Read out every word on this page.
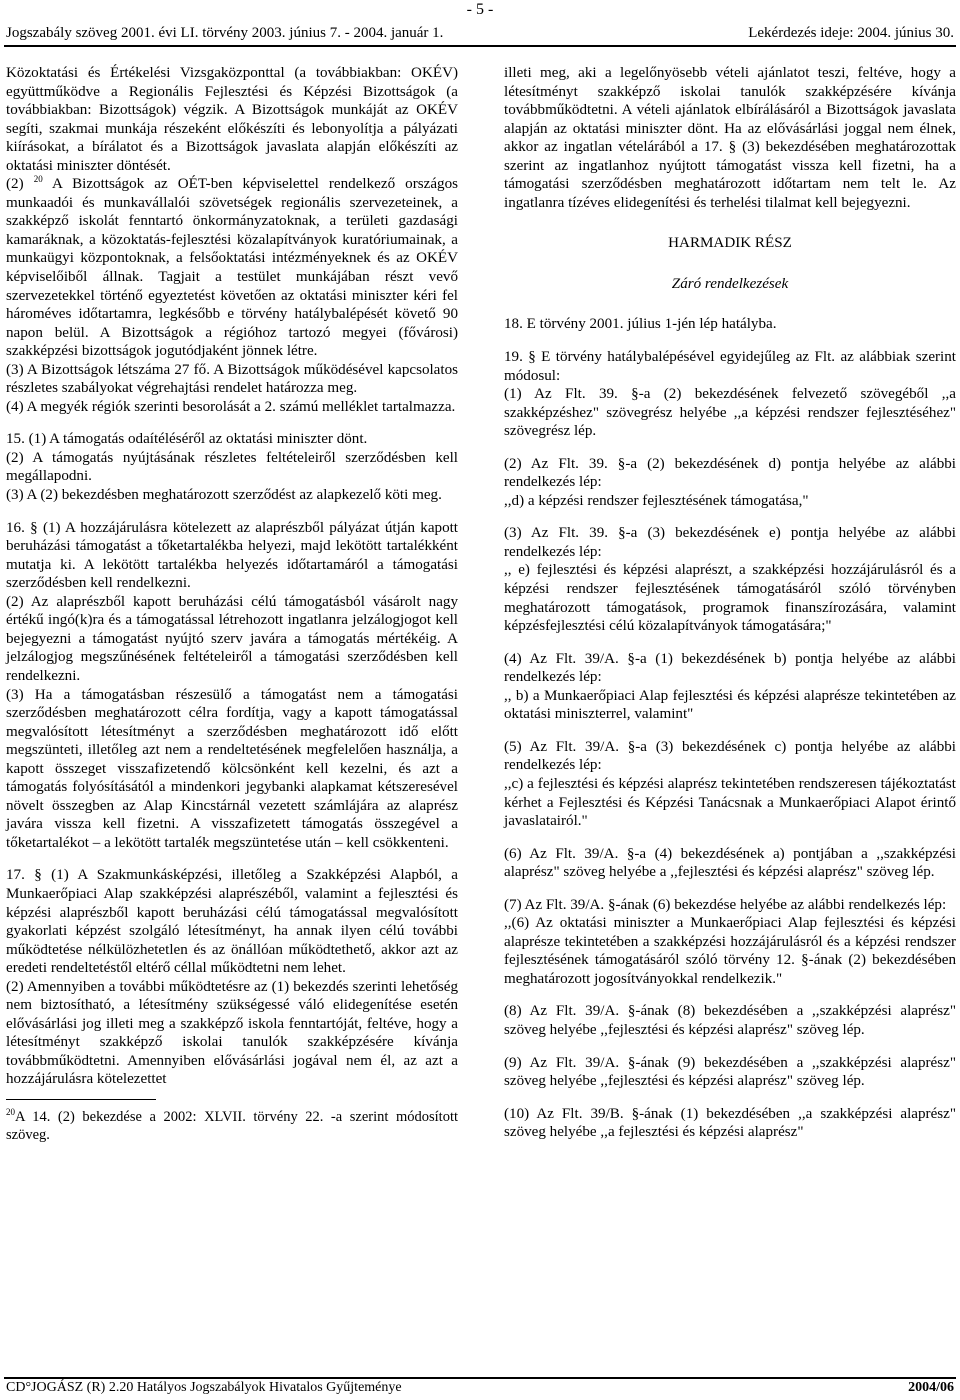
- 5 -
Jogszabály szöveg 2001. évi LI. törvény 2003. június 7. - 2004. január 1.	Lekérdezés ideje: 2004. június 30.

Közoktatási és Értékelési Vizsgaközponttal (a továbbiakban: OKÉV) együttműködve a Regionális Fejlesztési és Képzési Bizottságok (a továbbiakban: Bizottságok) végzik. A Bizottságok munkáját az OKÉV segíti, szakmai munkája részeként előkészíti és lebonyolítja a pályázati kiírásokat, a bírálatot és a Bizottságok javaslata alapján előkészíti az oktatási miniszter döntését.

(2) $^{20}$ A Bizottságok az OÉT-ben képviselettel rendelkező országos munkaadói és munkavállalói szövetségek regionális szervezeteinek, a szakképző iskolát fenntartó önkormányzatoknak, a területi gazdasági kamaráknak, a közoktatás-fejlesztési közalapítványok kuratóriumainak, a munkaügyi központoknak, a felsőoktatási intézményeknek és az OKÉV képviselőiből állnak. Tagjait a testület munkájában részt vevő szervezetekkel történő egyeztetést követően az oktatási miniszter kéri fel hároméves időtartamra, legkésőbb e törvény hatálybalépését követő 90 napon belül. A Bizottságok a régióhoz tartozó megyei (fővárosi) szakképzési bizottságok jogutódjaként jönnek létre.

(3) A Bizottságok létszáma 27 fő. A Bizottságok működésével kapcsolatos részletes szabályokat végrehajtási rendelet határozza meg.

(4) A megyék régiók szerinti besorolását a 2. számú melléklet tartalmazza.

15. (1) A támogatás odaítéléséről az oktatási miniszter dönt.

(2) A támogatás nyújtásának részletes feltételeiről szerződésben kell megállapodni.

(3) A (2) bekezdésben meghatározott szerződést az alapkezelő köti meg.

16. § (1) A hozzájárulásra kötelezett az alaprészből pályázat útján kapott beruházási támogatást a tőketartalékba helyezi, majd lekötött tartalékként mutatja ki. A lekötött tartalékba helyezés időtartamáról a támogatási szerződésben kell rendelkezni.

(2) Az alaprészből kapott beruházási célú támogatásból vásárolt nagy értékű ingó(k)ra és a támogatással létrehozott ingatlanra jelzálogjogot kell bejegyezni a támogatást nyújtó szerv javára a támogatás mértékéig. A jelzálogjog megszűnésének feltételeiről a támogatási szerződésben kell rendelkezni.

(3) Ha a támogatásban részesülő a támogatást nem a támogatási szerződésben meghatározott célra fordítja, vagy a kapott támogatással megvalósított létesítményt a szerződésben meghatározott idő előtt megszünteti, illetőleg azt nem a rendeltetésének megfelelően használja, a kapott összeget visszafizetendő kölcsönként kell kezelni, és azt a támogatás folyósításától a mindenkori jegybanki alapkamat kétszeresével növelt összegben az Alap Kincstárnál vezetett számlájára az alaprész javára vissza kell fizetni. A visszafizetett támogatás összegével a tőketartalékot – a lekötött tartalék megszüntetése után – kell csökkenteni.

17. § (1) A Szakmunkásképzési, illetőleg a Szakképzési Alapból, a Munkaerőpiaci Alap szakképzési alaprészéből, valamint a fejlesztési és képzési alaprészből kapott beruházási célú támogatással megvalósított gyakorlati képzést szolgáló létesítményt, ha annak ilyen célú további működtetése nélkülözhetetlen és az önállóan működtethető, akkor azt az eredeti rendeltetéstől eltérő céllal működtetni nem lehet.

(2) Amennyiben a további működtetésre az (1) bekezdés szerinti lehetőség nem biztosítható, a létesítmény szükségessé váló elidegenítése esetén elővásárlási jog illeti meg a szakképző iskola fenntartóját, feltéve, hogy a létesítményt szakképző iskolai tanulók szakképzésére kívánja továbbműködtetni. Amennyiben elővásárlási jogával nem él, az azt a hozzájárulásra kötelezettet

$^{20}$A 14. (2) bekezdése a 2002: XLVII. törvény 22. -a szerint módosított szöveg.

illeti meg, aki a legelőnyösebb vételi ajánlatot teszi, feltéve, hogy a létesítményt szakképző iskolai tanulók szakképzésére kívánja továbbműködtetni. A vételi ajánlatok elbírálásáról a Bizottságok javaslata alapján az oktatási miniszter dönt. Ha az elővásárlási joggal nem élnek, akkor az ingatlan vételárából a 17. § (3) bekezdésében meghatározottak szerint az ingatlanhoz nyújtott támogatást vissza kell fizetni, ha a támogatási szerződésben meghatározott időtartam nem telt le. Az ingatlanra tízéves elidegenítési és terhelési tilalmat kell bejegyezni.

HARMADIK RÉSZ

Záró rendelkezések

18. E törvény 2001. július 1-jén lép hatályba.

19. § E törvény hatálybalépésével egyidejűleg az Flt. az alábbiak szerint módosul:

(1) Az Flt. 39. §-a (2) bekezdésének felvezető szövegéből ,,a szakképzéshez" szövegrész helyébe ,,a képzési rendszer fejlesztéséhez" szövegrész lép.

(2) Az Flt. 39. §-a (2) bekezdésének d) pontja helyébe az alábbi rendelkezés lép:
,,d) a képzési rendszer fejlesztésének támogatása,"

(3) Az Flt. 39. §-a (3) bekezdésének e) pontja helyébe az alábbi rendelkezés lép:
,, e) fejlesztési és képzési alaprészt, a szakképzési hozzájárulásról és a képzési rendszer fejlesztésének támogatásáról szóló törvényben meghatározott támogatások, programok finanszírozására, valamint képzésfejlesztési célú közalapítványok támogatására;"

(4) Az Flt. 39/A. §-a (1) bekezdésének b) pontja helyébe az alábbi rendelkezés lép:
,, b) a Munkaerőpiaci Alap fejlesztési és képzési alaprésze tekintetében az oktatási miniszterrel, valamint"

(5) Az Flt. 39/A. §-a (3) bekezdésének c) pontja helyébe az alábbi rendelkezés lép:
,,c) a fejlesztési és képzési alaprész tekintetében rendszeresen tájékoztatást kérhet a Fejlesztési és Képzési Tanácsnak a Munkaerőpiaci Alapot érintő javaslatairól."

(6) Az Flt. 39/A. §-a (4) bekezdésének a) pontjában a ,,szakképzési alaprész" szöveg helyébe a ,,fejlesztési és képzési alaprész" szöveg lép.

(7) Az Flt. 39/A. §-ának (6) bekezdése helyébe az alábbi rendelkezés lép:
,,(6) Az oktatási miniszter a Munkaerőpiaci Alap fejlesztési és képzési alaprésze tekintetében a szakképzési hozzájárulásról és a képzési rendszer fejlesztésének támogatásáról szóló törvény 12. §-ának (2) bekezdésében meghatározott jogosítványokkal rendelkezik."

(8) Az Flt. 39/A. §-ának (8) bekezdésében a ,,szakképzési alaprész" szöveg helyébe ,,fejlesztési és képzési alaprész" szöveg lép.

(9) Az Flt. 39/A. §-ának (9) bekezdésében a ,,szakképzési alaprész" szöveg helyébe ,,fejlesztési és képzési alaprész" szöveg lép.

(10) Az Flt. 39/B. §-ának (1) bekezdésében ,,a szakképzési alaprész" szöveg helyébe ,,a fejlesztési és képzési alaprész"

CD°JOGÁSZ (R) 2.20 Hatályos Jogszabályok Hivatalos Gyűjteménye	2004/06
